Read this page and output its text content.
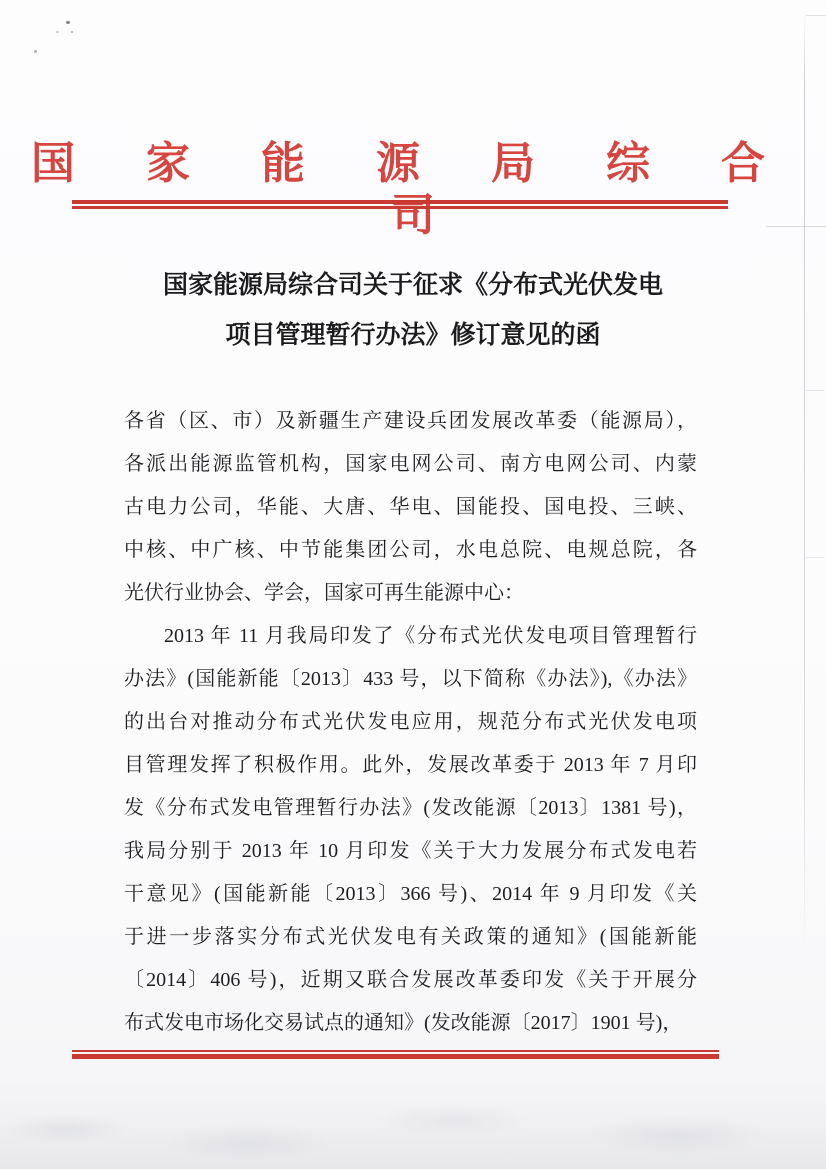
国 家 能 源 局 综 合 司
国家能源局综合司关于征求《分布式光伏发电
项目管理暂行办法》修订意见的函
各省（区、市）及新疆生产建设兵团发展改革委（能源局），
各派出能源监管机构，国家电网公司、南方电网公司、内蒙
古电力公司，华能、大唐、华电、国能投、国电投、三峡、
中核、中广核、中节能集团公司，水电总院、电规总院，各
光伏行业协会、学会，国家可再生能源中心：
2013 年 11 月我局印发了《分布式光伏发电项目管理暂行
办法》(国能新能〔2013〕433 号，以下简称《办法》),《办法》
的出台对推动分布式光伏发电应用，规范分布式光伏发电项
目管理发挥了积极作用。此外，发展改革委于 2013 年 7 月印
发《分布式发电管理暂行办法》(发改能源〔2013〕1381 号)，
我局分别于 2013 年 10 月印发《关于大力发展分布式发电若
干意见》(国能新能〔2013〕366 号)、2014 年 9 月印发《关
于进一步落实分布式光伏发电有关政策的通知》(国能新能
〔2014〕406 号)，近期又联合发展改革委印发《关于开展分
布式发电市场化交易试点的通知》(发改能源〔2017〕1901 号)，
